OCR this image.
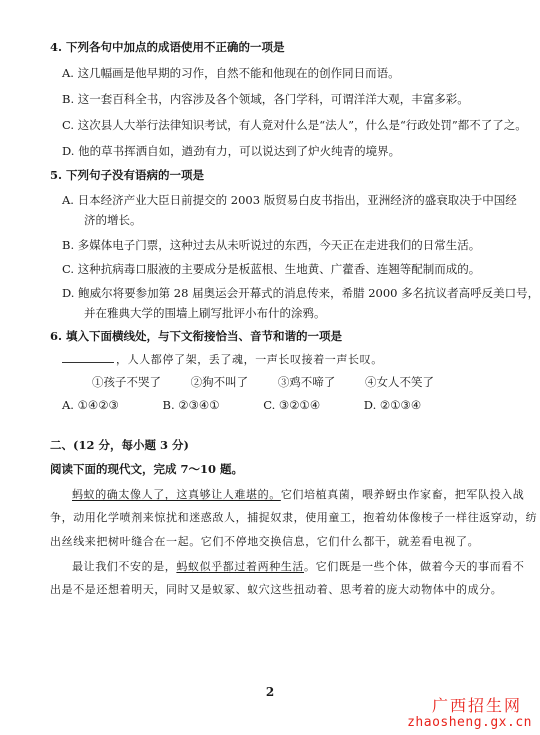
4. 下列各句中加点的成语使用不正确的一项是
A. 这几幅画是他早期的习作，自然不能和他现在的创作同日而语。
B. 这一套百科全书，内容涉及各个领域，各门学科，可谓洋洋大观，丰富多彩。
C. 这次县人大举行法律知识考试，有人竟对什么是“法人”，什么是“行政处罚”都不了了之。
D. 他的草书挥洒自如，遒劲有力，可以说达到了炉火纯青的境界。
5. 下列句子没有语病的一项是
A. 日本经济产业大臣日前提交的 2003 版贸易白皮书指出，亚洲经济的盛衰取决于中国经
济的增长。
B. 多媒体电子门票，这种过去从未听说过的东西，今天正在走进我们的日常生活。
C. 这种抗病毒口服液的主要成分是板蓝根、生地黄、广藿香、连翘等配制而成的。
D. 鲍威尔将要参加第 28 届奥运会开幕式的消息传来，希腊 2000 多名抗议者高呼反美口号，
并在雅典大学的围墙上刷写批评小布什的涂鸦。
6. 填入下面横线处，与下文衔接恰当、音节和谐的一项是
，人人都停了架，丢了魂，一声长叹接着一声长叹。
①孩子不哭了	②狗不叫了	③鸡不啼了	④女人不笑了
A. ①④②③	B. ②③④①	C. ③②①④	D. ②①③④
二、(12 分，每小题 3 分)
阅读下面的现代文，完成 7～10 题。
蚂蚁的确太像人了，这真够让人难堪的。它们培植真菌，喂养蚜虫作家畜，把军队投入战
争，动用化学喷剂来惊扰和迷惑敌人，捕捉奴隶，使用童工，抱着幼体像梭子一样往返穿动，纺
出丝线来把树叶缝合在一起。它们不停地交换信息，它们什么都干，就差看电视了。
最让我们不安的是，蚂蚁似乎都过着两种生活。它们既是一些个体，做着今天的事而看不
出是不是还想着明天，同时又是蚁冢、蚁穴这些扭动着、思考着的庞大动物体中的成分。
2
广西招生网
zhaosheng.gx.cn
